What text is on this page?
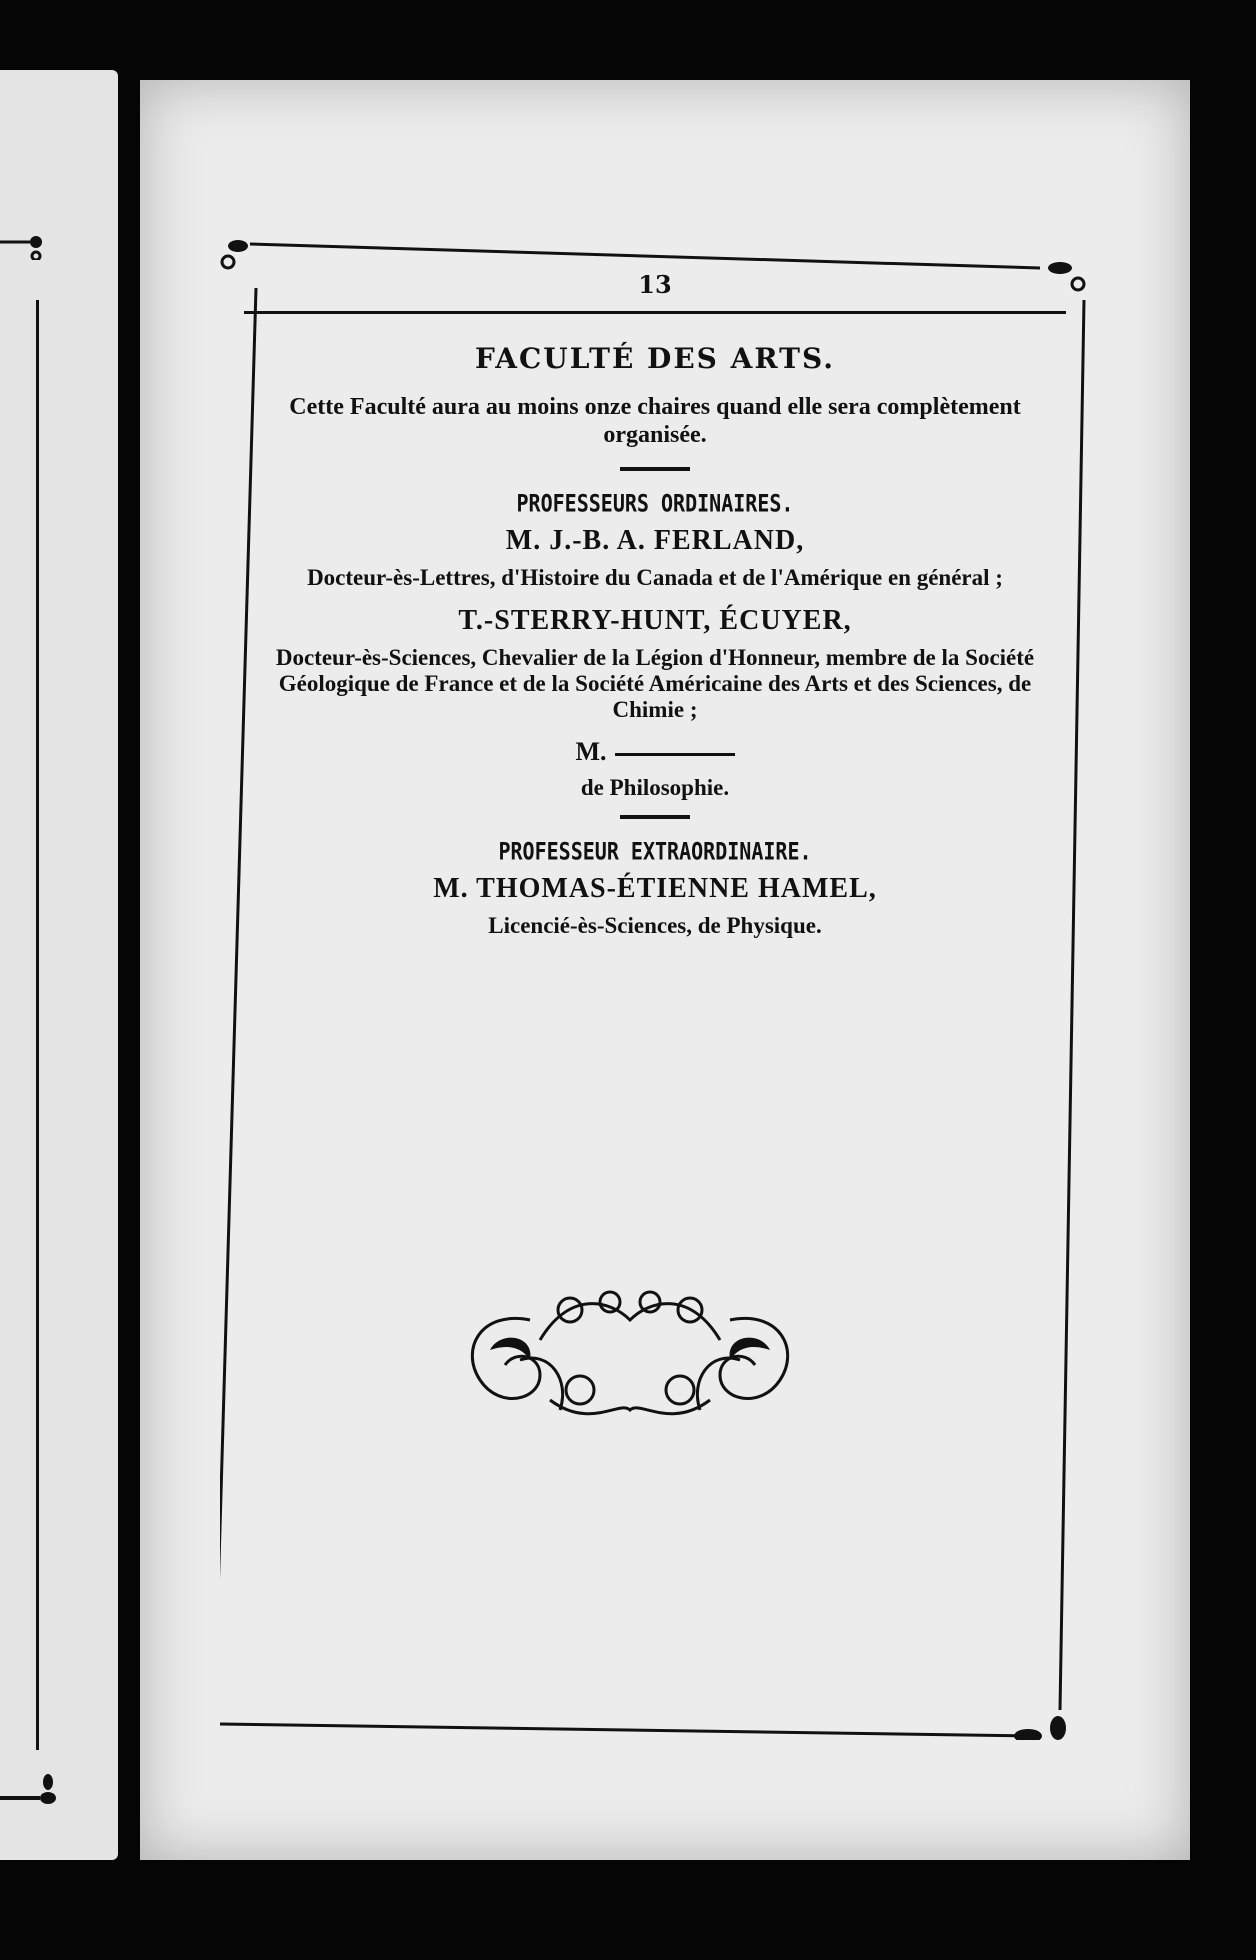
13
FACULTÉ DES ARTS.
Cette Faculté aura au moins onze chaires quand elle sera complètement organisée.
PROFESSEURS ORDINAIRES.
M. J.-B. A. FERLAND,
Docteur-ès-Lettres, d'Histoire du Canada et de l'Amérique en général ;
T.-STERRY-HUNT, ÉCUYER,
Docteur-ès-Sciences, Chevalier de la Légion d'Honneur, membre de la Société Géologique de France et de la Société Américaine des Arts et des Sciences, de Chimie ;
M.
de Philosophie.
PROFESSEUR EXTRAORDINAIRE.
M. THOMAS-ÉTIENNE HAMEL,
Licencié-ès-Sciences, de Physique.
